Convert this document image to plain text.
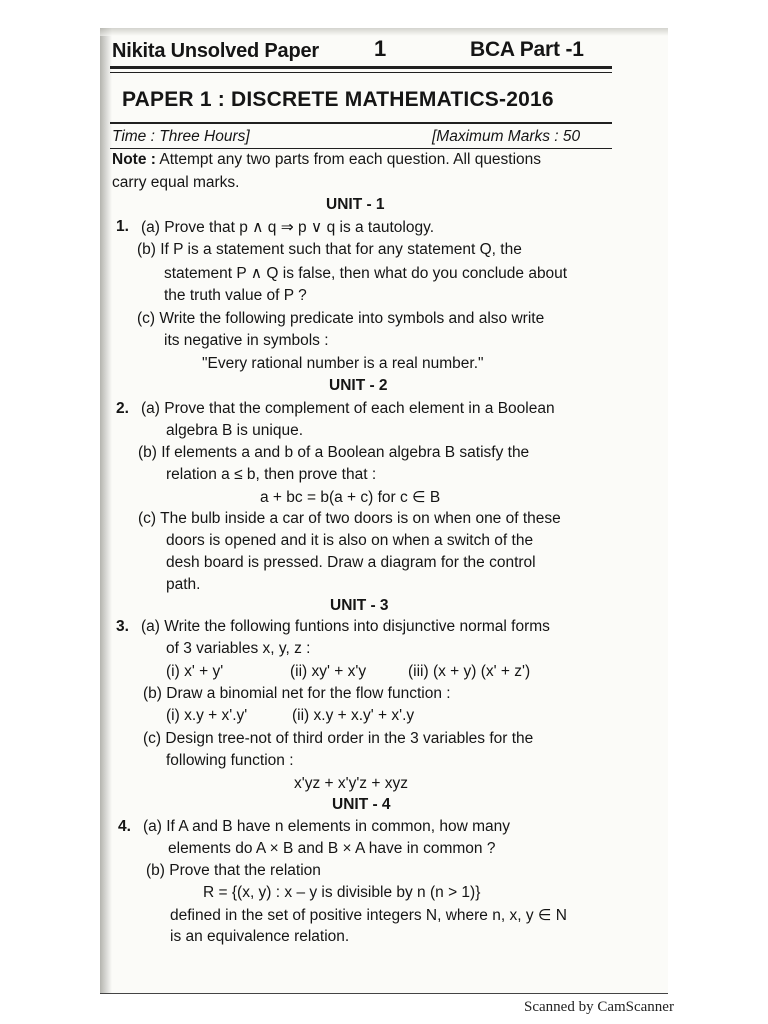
Nikita Unsolved Paper	1	BCA Part -1
PAPER 1 : DISCRETE MATHEMATICS-2016
Time : Three Hours]	[Maximum Marks : 50
Note : Attempt any two parts from each question. All questions
carry equal marks.
UNIT - 1
1. (a) Prove that p ∧ q ⇒ p ∨ q is a tautology.
(b) If P is a statement such that for any statement Q, the
statement P ∧ Q is false, then what do you conclude about
the truth value of P ?
(c) Write the following predicate into symbols and also write
its negative in symbols :
"Every rational number is a real number."
UNIT - 2
2. (a) Prove that the complement of each element in a Boolean
algebra B is unique.
(b) If elements a and b of a Boolean algebra B satisfy the
relation a ≤ b, then prove that :
a + bc = b(a + c) for c ∈ B
(c) The bulb inside a car of two doors is on when one of these
doors is opened and it is also on when a switch of the
desh board is pressed. Draw a diagram for the control
path.
UNIT - 3
3. (a) Write the following funtions into disjunctive normal forms
of 3 variables x, y, z :
(i) x' + y'	(ii) xy' + x'y	(iii) (x + y) (x' + z')
(b) Draw a binomial net for the flow function :
(i) x.y + x'.y'	(ii) x.y + x.y' + x'.y
(c) Design tree-not of third order in the 3 variables for the
following function :
x'yz + x'y'z + xyz
UNIT - 4
4. (a) If A and B have n elements in common, how many
elements do A × B and B × A have in common ?
(b) Prove that the relation
R = {(x, y) : x – y is divisible by n (n > 1)}
defined in the set of positive integers N, where n, x, y ∈ N
is an equivalence relation.
Scanned by CamScanner
